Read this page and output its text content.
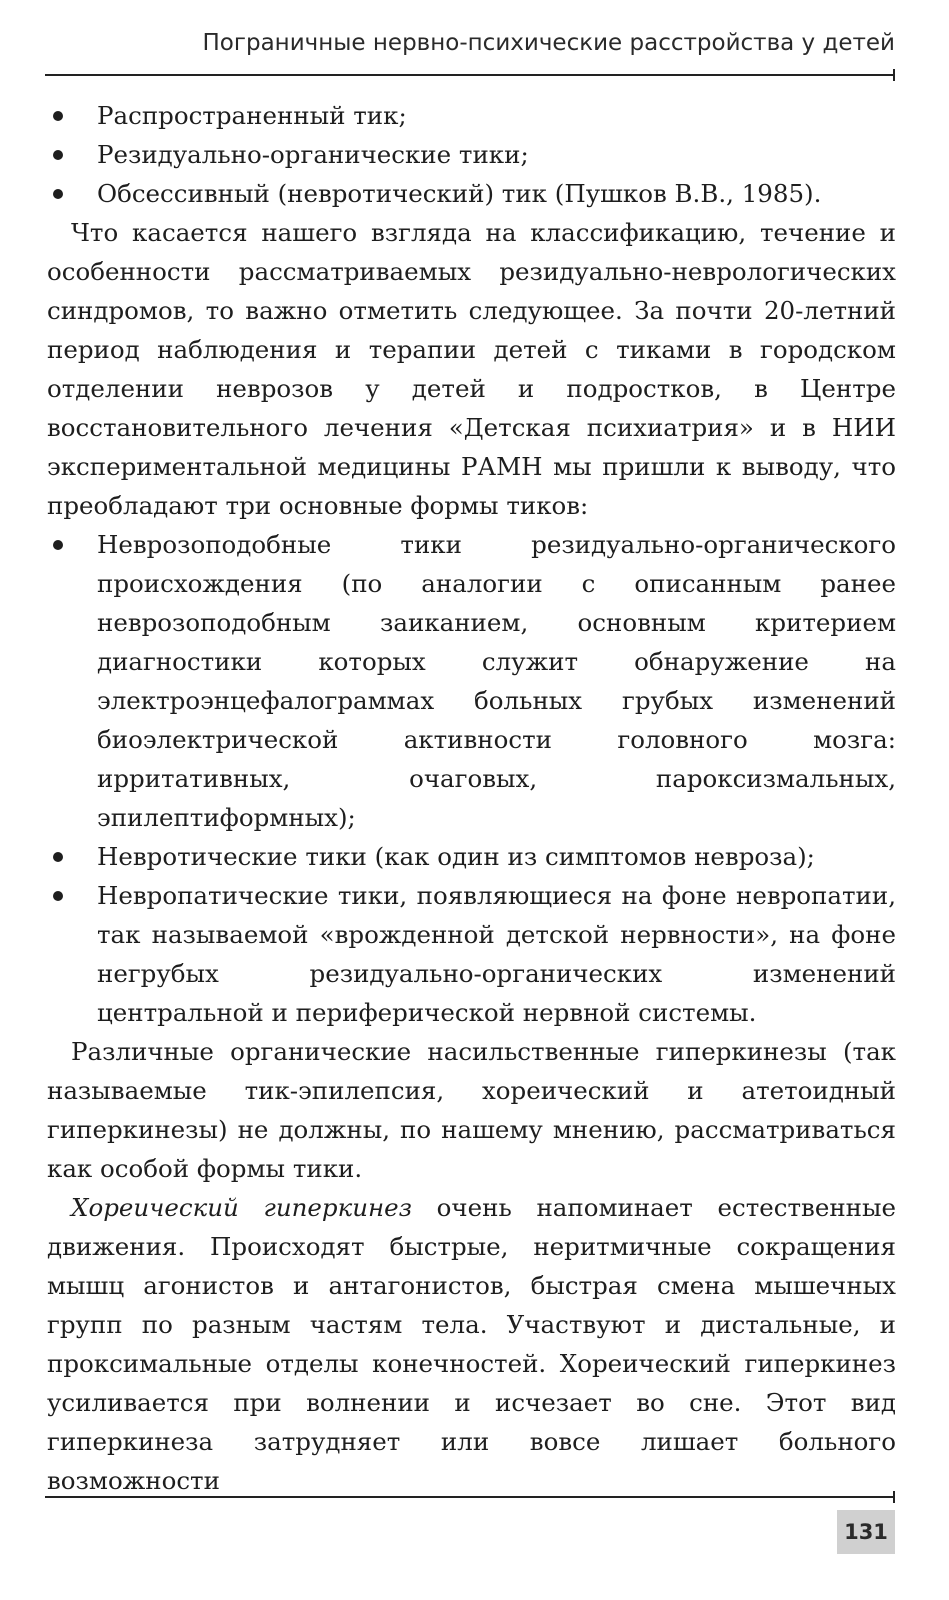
Пограничные нервно-психические расстройства у детей
Распространенный тик;
Резидуально-органические тики;
Обсессивный (невротический) тик (Пушков В.В., 1985).

Что касается нашего взгляда на классификацию, течение и особенности рассматриваемых резидуально-неврологических синдромов, то важно отметить следующее. За почти 20-летний период наблюдения и терапии детей с тиками в городском отделении неврозов у детей и подростков, в Центре восстановительного лечения «Детская психиатрия» и в НИИ экспериментальной медицины РАМН мы пришли к выводу, что преобладают три основные формы тиков:

Неврозоподобные тики резидуально-органического происхождения (по аналогии с описанным ранее неврозоподобным заиканием, основным критерием диагностики которых служит обнаружение на электроэнцефалограммах больных грубых изменений биоэлектрической активности головного мозга: ирритативных, очаговых, пароксизмальных, эпилептиформных);
Невротические тики (как один из симптомов невроза);
Невропатические тики, появляющиеся на фоне невропатии, так называемой «врожденной детской нервности», на фоне негрубых резидуально-органических изменений центральной и периферической нервной системы.

Различные органические насильственные гиперкинезы (так называемые тик-эпилепсия, хореический и атетоидный гиперкинезы) не должны, по нашему мнению, рассматриваться как особой формы тики.

Хореический гиперкинез очень напоминает естественные движения. Происходят быстрые, неритмичные сокращения мышц агонистов и антагонистов, быстрая смена мышечных групп по разным частям тела. Участвуют и дистальные, и проксимальные отделы конечностей. Хореический гиперкинез усиливается при волнении и исчезает во сне. Этот вид гиперкинеза затрудняет или вовсе лишает больного возможности

131
